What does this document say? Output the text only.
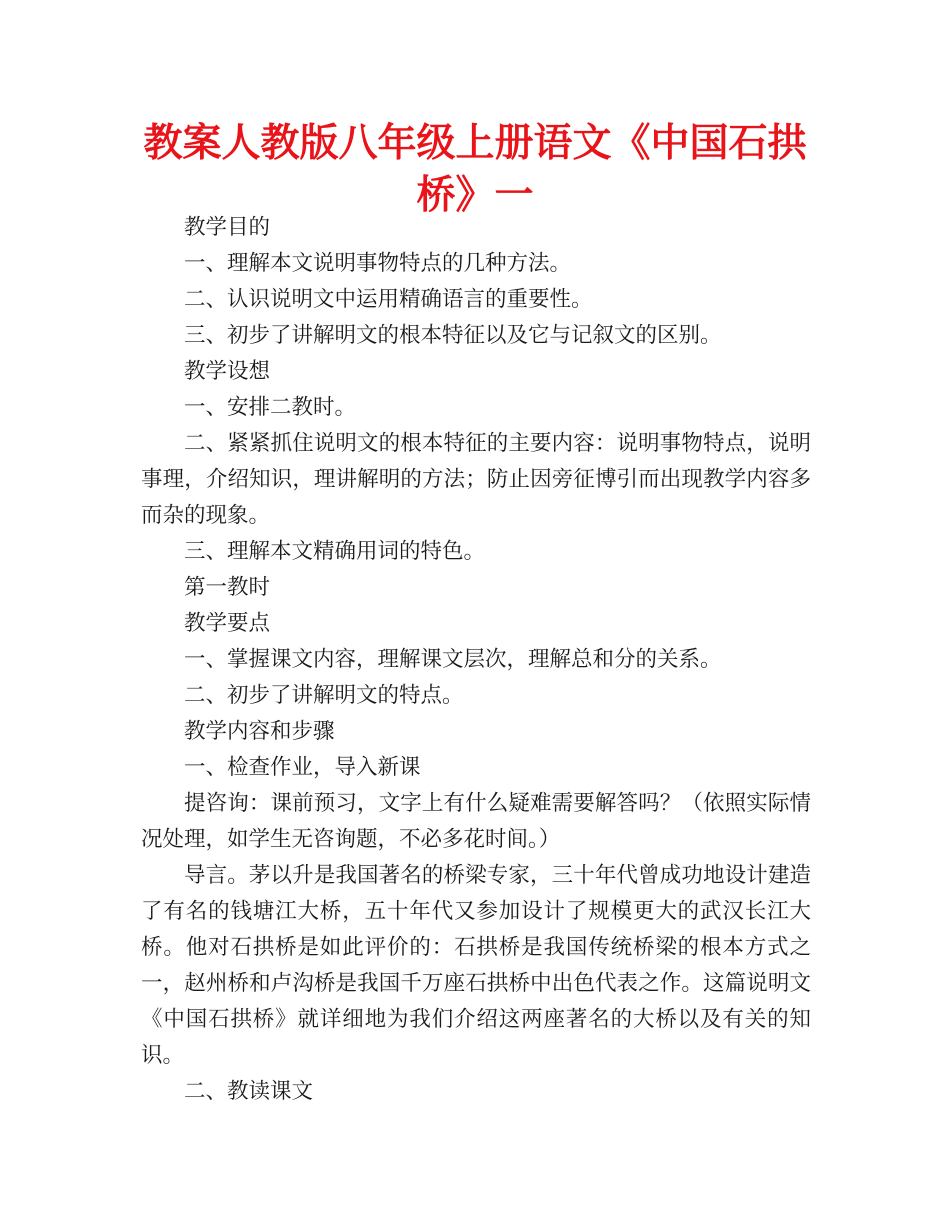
教案人教版八年级上册语文《中国石拱
桥》一

教学目的

一、理解本文说明事物特点的几种方法。

二、认识说明文中运用精确语言的重要性。

三、初步了讲解明文的根本特征以及它与记叙文的区别。

教学设想

一、安排二教时。

二、紧紧抓住说明文的根本特征的主要内容：说明事物特点，说明事理，介绍知识，理讲解明的方法；防止因旁征博引而出现教学内容多而杂的现象。

三、理解本文精确用词的特色。

第一教时

教学要点

一、掌握课文内容，理解课文层次，理解总和分的关系。

二、初步了讲解明文的特点。

教学内容和步骤

一、检查作业，导入新课

提咨询：课前预习，文字上有什么疑难需要解答吗？（依照实际情况处理，如学生无咨询题，不必多花时间。）

导言。茅以升是我国著名的桥梁专家，三十年代曾成功地设计建造了有名的钱塘江大桥，五十年代又参加设计了规模更大的武汉长江大桥。他对石拱桥是如此评价的：石拱桥是我国传统桥梁的根本方式之一，赵州桥和卢沟桥是我国千万座石拱桥中出色代表之作。这篇说明文《中国石拱桥》就详细地为我们介绍这两座著名的大桥以及有关的知识。

二、教读课文
